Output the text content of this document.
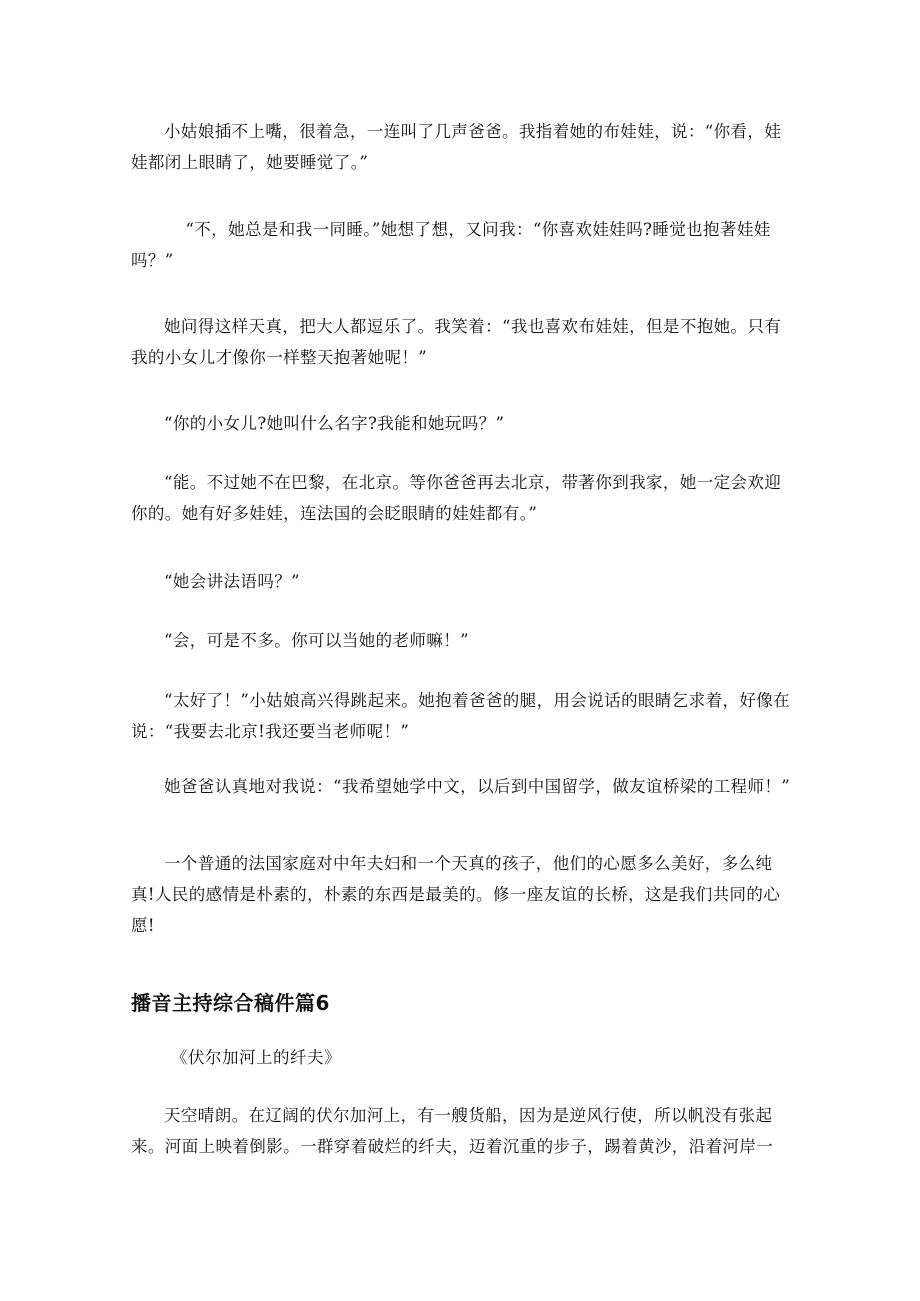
小姑娘插不上嘴，很着急，一连叫了几声爸爸。我指着她的布娃娃，说：“你看，娃娃都闭上眼睛了，她要睡觉了。”

“不，她总是和我一同睡。”她想了想，又问我：“你喜欢娃娃吗?睡觉也抱著娃娃吗？”

她问得这样天真，把大人都逗乐了。我笑着：“我也喜欢布娃娃，但是不抱她。只有我的小女儿才像你一样整天抱著她呢！”

“你的小女儿?她叫什么名字?我能和她玩吗？”

“能。不过她不在巴黎，在北京。等你爸爸再去北京，带著你到我家，她一定会欢迎你的。她有好多娃娃，连法国的会眨眼睛的娃娃都有。”

“她会讲法语吗？”

“会，可是不多。你可以当她的老师嘛！”

“太好了！”小姑娘高兴得跳起来。她抱着爸爸的腿，用会说话的眼睛乞求着，好像在说：“我要去北京!我还要当老师呢！”

她爸爸认真地对我说：“我希望她学中文，以后到中国留学，做友谊桥梁的工程师！”

一个普通的法国家庭对中年夫妇和一个天真的孩子，他们的心愿多么美好，多么纯真!人民的感情是朴素的，朴素的东西是最美的。修一座友谊的长桥，这是我们共同的心愿!

播音主持综合稿件篇6

《伏尔加河上的纤夫》

天空晴朗。在辽阔的伏尔加河上，有一艘货船，因为是逆风行使，所以帆没有张起来。河面上映着倒影。一群穿着破烂的纤夫，迈着沉重的步子，踢着黄沙，沿着河岸一
